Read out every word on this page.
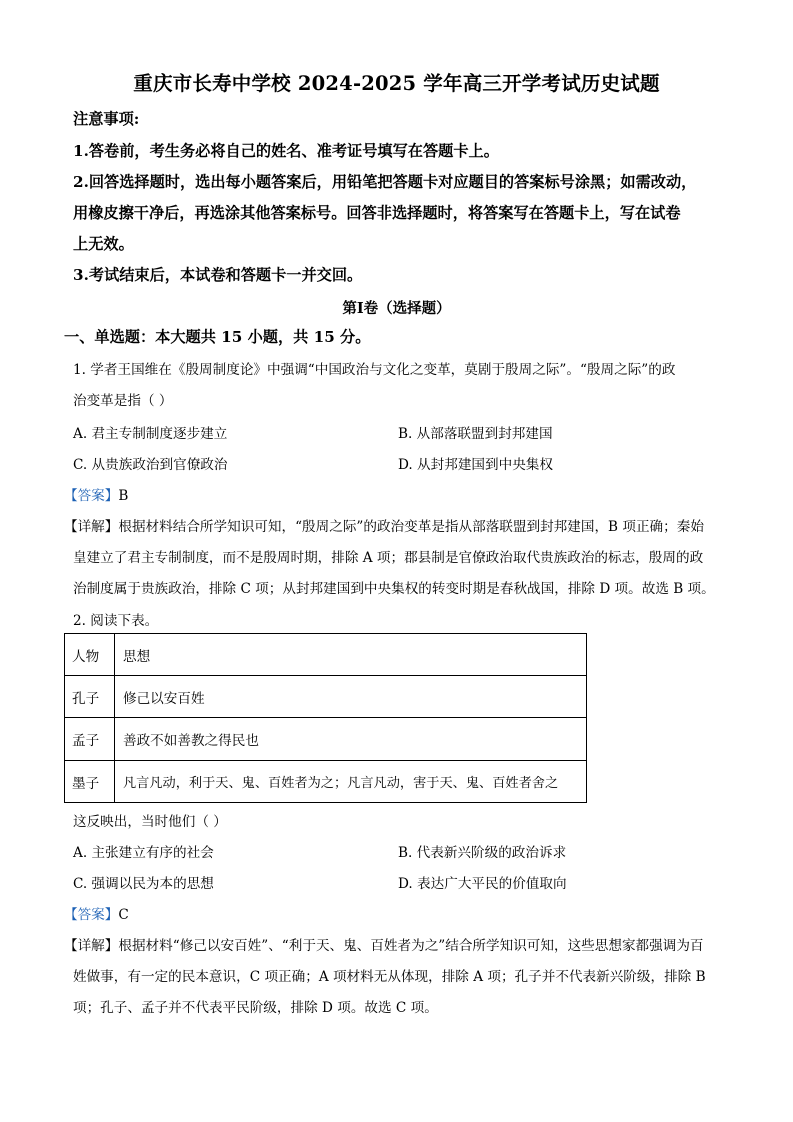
重庆市长寿中学校 2024-2025 学年高三开学考试历史试题
注意事项:
1.答卷前，考生务必将自己的姓名、准考证号填写在答题卡上。
2.回答选择题时，选出每小题答案后，用铅笔把答题卡对应题目的答案标号涂黑；如需改动，
用橡皮擦干净后，再选涂其他答案标号。回答非选择题时，将答案写在答题卡上，写在试卷
上无效。
3.考试结束后，本试卷和答题卡一并交回。
第Ⅰ卷（选择题）
一、单选题：本大题共 15 小题，共 15 分。
1. 学者王国维在《殷周制度论》中强调“中国政治与文化之变革，莫剧于殷周之际”。“殷周之际”的政
治变革是指（ ）
A. 君主专制制度逐步建立	B. 从部落联盟到封邦建国
C. 从贵族政治到官僚政治	D. 从封邦建国到中央集权
【答案】B
【详解】根据材料结合所学知识可知，“殷周之际”的政治变革是指从部落联盟到封邦建国，B 项正确；秦始
皇建立了君主专制制度，而不是殷周时期，排除 A 项；郡县制是官僚政治取代贵族政治的标志，殷周的政
治制度属于贵族政治，排除 C 项；从封邦建国到中央集权的转变时期是春秋战国，排除 D 项。故选 B 项。
2. 阅读下表。
人物	思想
孔子	修己以安百姓
孟子	善政不如善教之得民也
墨子	凡言凡动，利于天、鬼、百姓者为之；凡言凡动，害于天、鬼、百姓者舍之
这反映出，当时他们（ ）
A. 主张建立有序的社会	B. 代表新兴阶级的政治诉求
C. 强调以民为本的思想	D. 表达广大平民的价值取向
【答案】C
【详解】根据材料“修己以安百姓”、“利于天、鬼、百姓者为之”结合所学知识可知，这些思想家都强调为百
姓做事，有一定的民本意识，C 项正确；A 项材料无从体现，排除 A 项；孔子并不代表新兴阶级，排除 B
项；孔子、孟子并不代表平民阶级，排除 D 项。故选 C 项。
